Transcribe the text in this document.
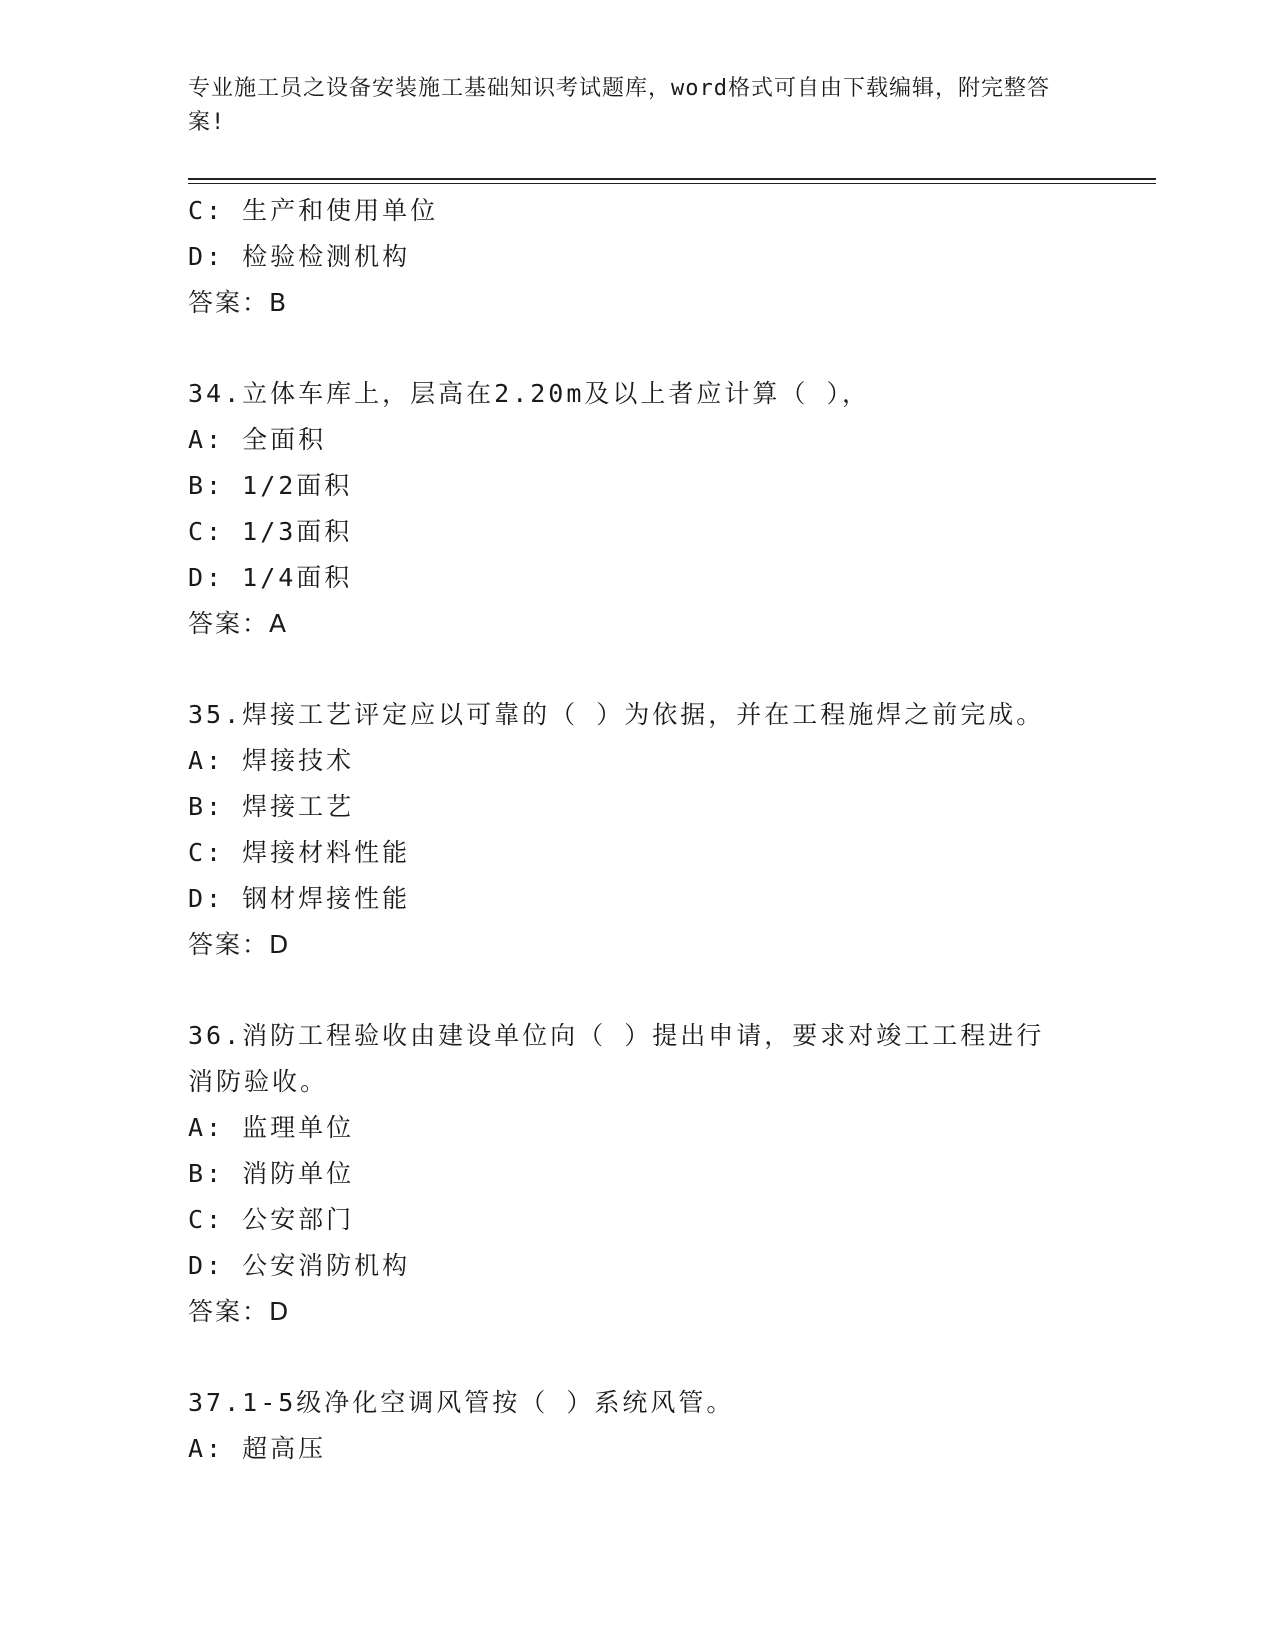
专业施工员之设备安装施工基础知识考试题库，word格式可自由下载编辑，附完整答案!
C: 生产和使用单位
D: 检验检测机构
答案：B
34.立体车库上，层高在2.20m及以上者应计算（ ），
A: 全面积
B: 1/2面积
C: 1/3面积
D: 1/4面积
答案：A
35.焊接工艺评定应以可靠的（ ）为依据，并在工程施焊之前完成。
A: 焊接技术
B: 焊接工艺
C: 焊接材料性能
D: 钢材焊接性能
答案：D
36.消防工程验收由建设单位向（ ）提出申请，要求对竣工工程进行消防验收。
A: 监理单位
B: 消防单位
C: 公安部门
D: 公安消防机构
答案：D
37.1-5级净化空调风管按（ ）系统风管。
A: 超高压
